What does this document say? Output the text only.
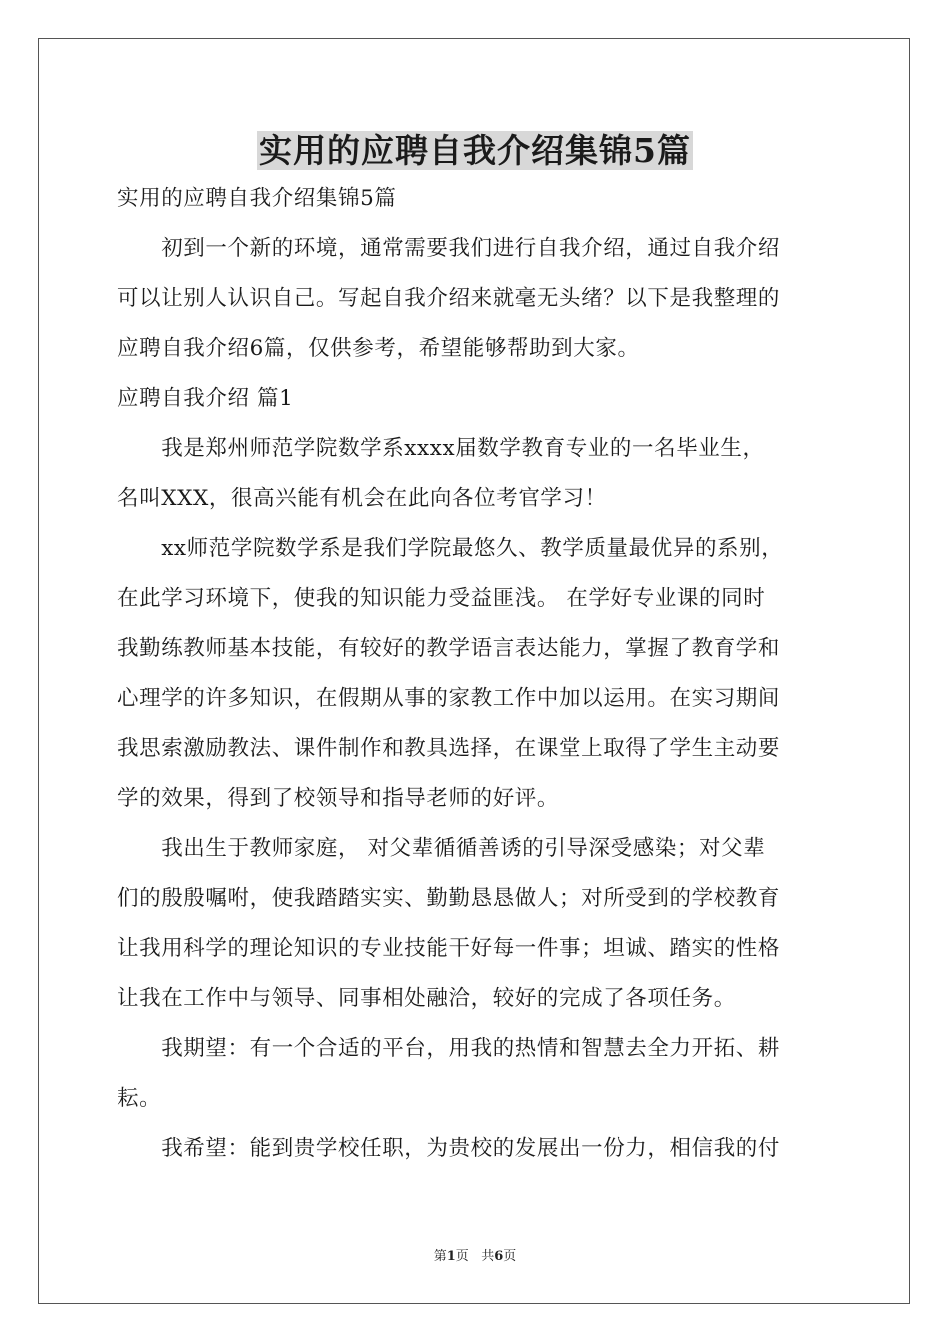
实用的应聘自我介绍集锦5篇
实用的应聘自我介绍集锦5篇
　　初到一个新的环境，通常需要我们进行自我介绍，通过自我介绍
可以让别人认识自己。写起自我介绍来就毫无头绪？以下是我整理的
应聘自我介绍6篇，仅供参考，希望能够帮助到大家。
应聘自我介绍 篇1
　　我是郑州师范学院数学系xxxx届数学教育专业的一名毕业生，
名叫XXX，很高兴能有机会在此向各位考官学习！
　　xx师范学院数学系是我们学院最悠久、教学质量最优异的系别，
在此学习环境下，使我的知识能力受益匪浅。 在学好专业课的同时
我勤练教师基本技能，有较好的教学语言表达能力，掌握了教育学和
心理学的许多知识，在假期从事的家教工作中加以运用。在实习期间
我思索激励教法、课件制作和教具选择，在课堂上取得了学生主动要
学的效果，得到了校领导和指导老师的好评。
　　我出生于教师家庭， 对父辈循循善诱的引导深受感染；对父辈
们的殷殷嘱咐，使我踏踏实实、勤勤恳恳做人；对所受到的学校教育
让我用科学的理论知识的专业技能干好每一件事；坦诚、踏实的性格
让我在工作中与领导、同事相处融洽，较好的完成了各项任务。
　　我期望：有一个合适的平台，用我的热情和智慧去全力开拓、耕
耘。
　　我希望：能到贵学校任职，为贵校的发展出一份力，相信我的付
第1页 共6页
